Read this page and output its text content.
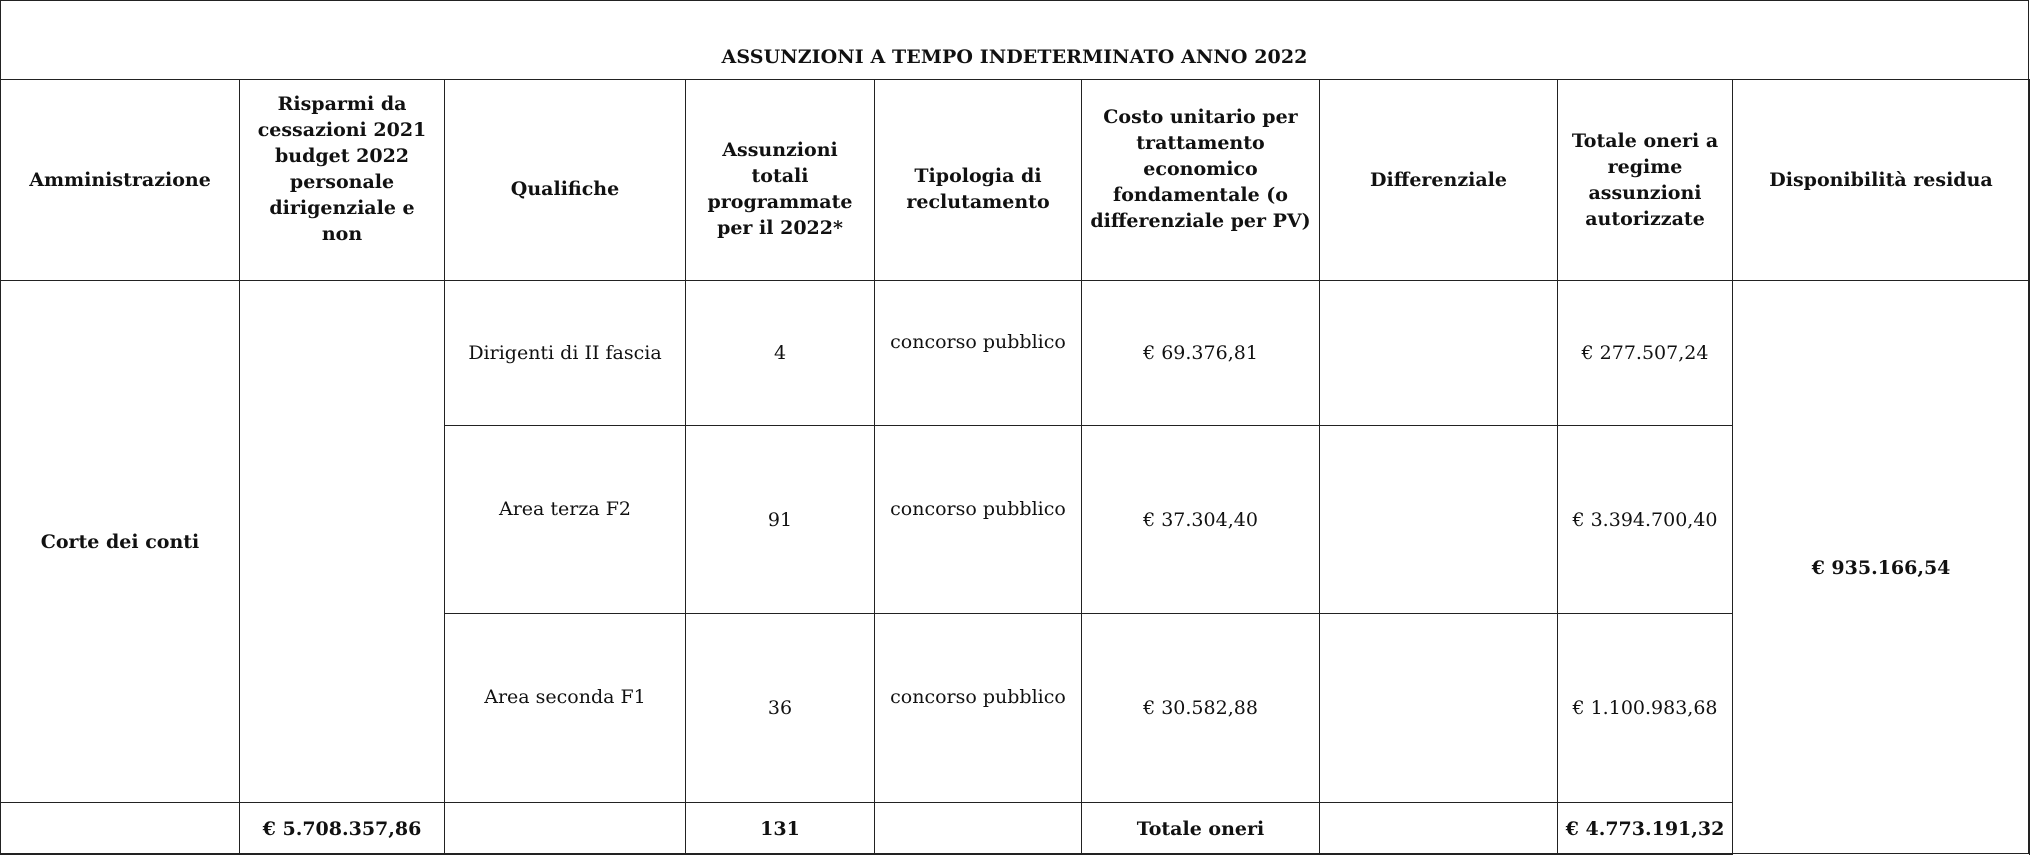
ASSUNZIONI A TEMPO INDETERMINATO ANNO 2022
Amministrazione	Risparmi da cessazioni 2021 budget 2022 personale dirigenziale e non	Qualifiche	Assunzioni totali programmate per il 2022*	Tipologia di reclutamento	Costo unitario per trattamento economico fondamentale (o differenziale per PV)	Differenziale	Totale oneri a regime assunzioni autorizzate	Disponibilità residua
Corte dei conti		Dirigenti di II fascia	4	concorso pubblico	€ 69.376,81		€ 277.507,24	€ 935.166,54
		Area terza F2	91	concorso pubblico	€ 37.304,40		€ 3.394.700,40	
		Area seconda F1	36	concorso pubblico	€ 30.582,88		€ 1.100.983,68	
	€ 5.708.357,86		131		Totale oneri		€ 4.773.191,32	
